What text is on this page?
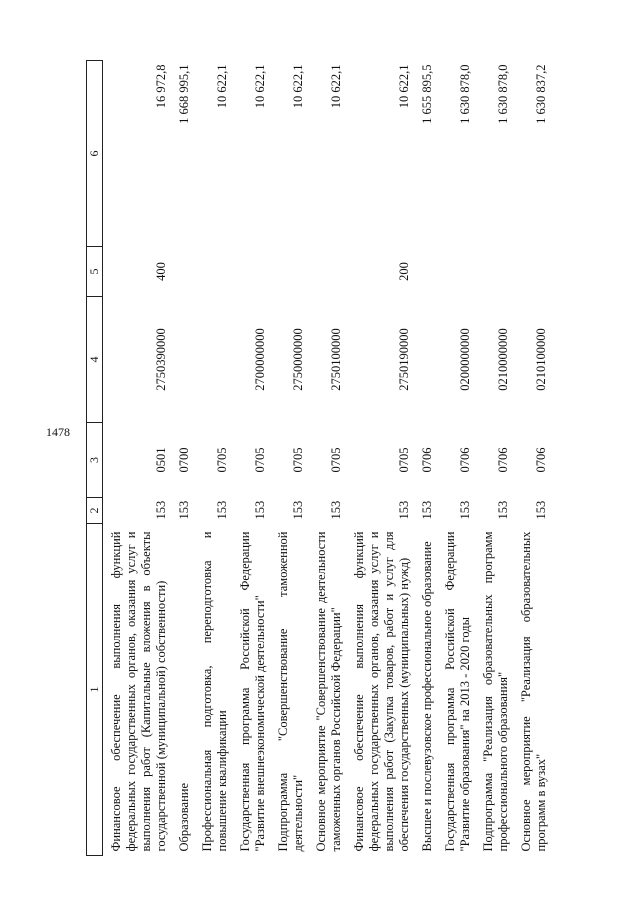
1478
1	2	3	4	5	6
Финансовое обеспечение выполнения функций федеральных государственных органов, оказания услуг и выполнения работ (Капитальные вложения в объекты государственной (муниципальной) собственности)	153	0501	2750390000	400	16 972,8
Образование	153	0700			1 668 995,1
Профессиональная подготовка, переподготовка и повышение квалификации	153	0705			10 622,1
Государственная программа Российской Федерации "Развитие внешнеэкономической деятельности"	153	0705	2700000000		10 622,1
Подпрограмма "Совершенствование таможенной деятельности"	153	0705	2750000000		10 622,1
Основное мероприятие "Совершенствование деятельности таможенных органов Российской Федерации"	153	0705	2750100000		10 622,1
Финансовое обеспечение выполнения функций федеральных государственных органов, оказания услуг и выполнения работ (Закупка товаров, работ и услуг для обеспечения государственных (муниципальных) нужд)	153	0705	2750190000	200	10 622,1
Высшее и послевузовское профессиональное образование	153	0706			1 655 895,5
Государственная программа Российской Федерации "Развитие образования" на 2013 - 2020 годы	153	0706	0200000000		1 630 878,0
Подпрограмма "Реализация образовательных программ профессионального образования"	153	0706	0210000000		1 630 878,0
Основное мероприятие "Реализация образовательных программ в вузах"	153	0706	0210100000		1 630 837,2
